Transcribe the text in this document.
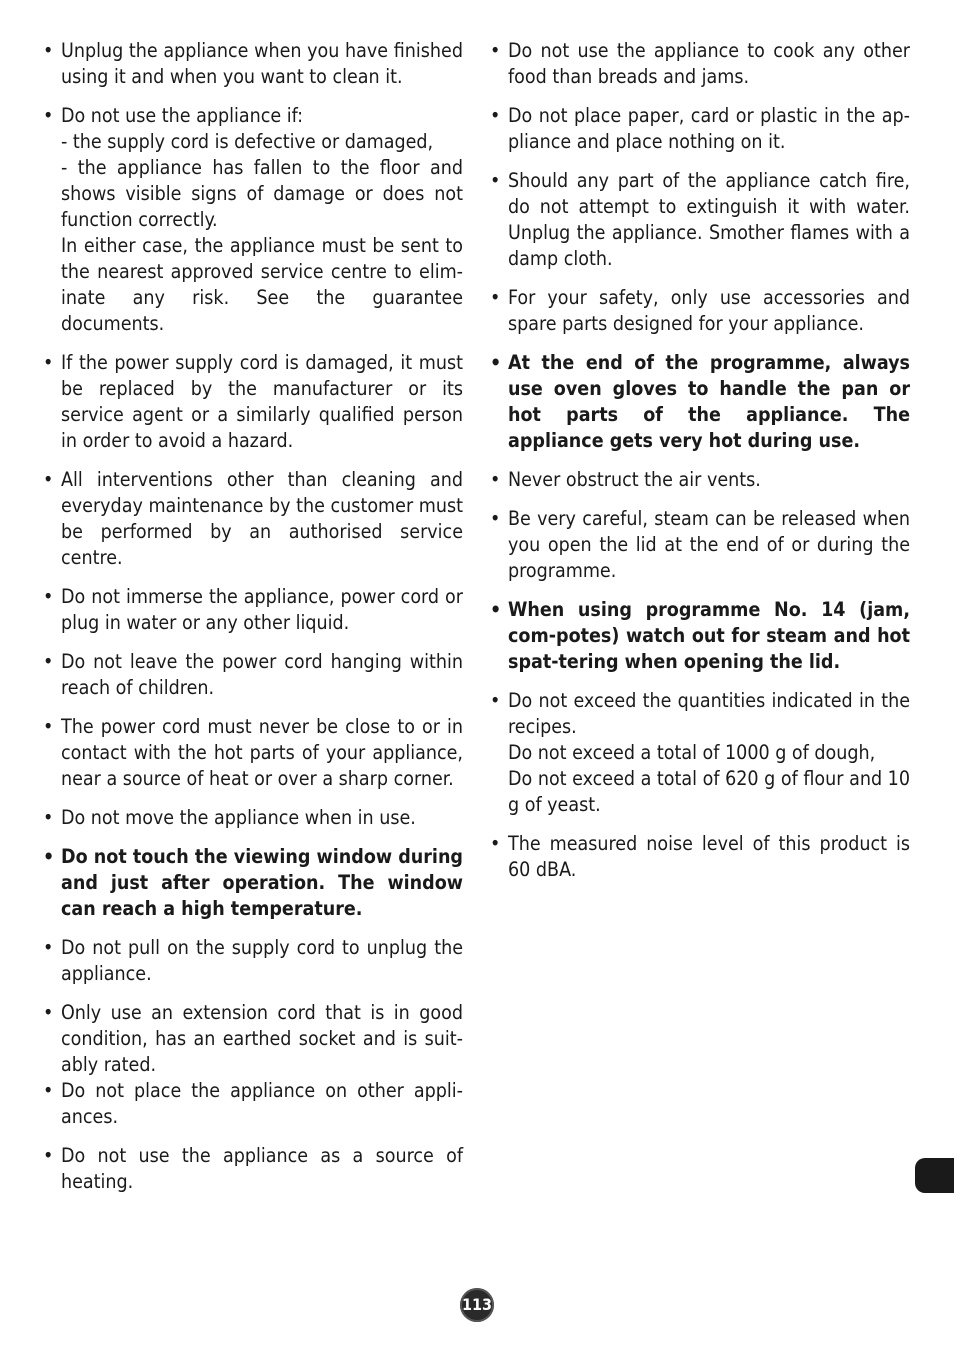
• Unplug the appliance when you have finished using it and when you want to clean it.
• Do not use the appliance if:
- the supply cord is defective or damaged,
- the appliance has fallen to the floor and shows visible signs of damage or does not function correctly.
In either case, the appliance must be sent to the nearest approved service centre to elim-inate any risk. See the guarantee documents.
• If the power supply cord is damaged, it must be replaced by the manufacturer or its service agent or a similarly qualified person in order to avoid a hazard.
• All interventions other than cleaning and everyday maintenance by the customer must be performed by an authorised service centre.
• Do not immerse the appliance, power cord or plug in water or any other liquid.
• Do not leave the power cord hanging within reach of children.
• The power cord must never be close to or in contact with the hot parts of your appliance, near a source of heat or over a sharp corner.
• Do not move the appliance when in use.
• Do not touch the viewing window during and just after operation. The window can reach a high temperature.
• Do not pull on the supply cord to unplug the appliance.
• Only use an extension cord that is in good condition, has an earthed socket and is suit-ably rated.
• Do not place the appliance on other appli-ances.
• Do not use the appliance as a source of heating.
• Do not use the appliance to cook any other food than breads and jams.
• Do not place paper, card or plastic in the ap-pliance and place nothing on it.
• Should any part of the appliance catch fire, do not attempt to extinguish it with water. Unplug the appliance. Smother flames with a damp cloth.
• For your safety, only use accessories and spare parts designed for your appliance.
• At the end of the programme, always use oven gloves to handle the pan or hot parts of the appliance. The appliance gets very hot during use.
• Never obstruct the air vents.
• Be very careful, steam can be released when you open the lid at the end of or during the programme.
• When using programme No. 14 (jam, com-potes) watch out for steam and hot spat-tering when opening the lid.
• Do not exceed the quantities indicated in the recipes.
Do not exceed a total of 1000 g of dough,
Do not exceed a total of 620 g of flour and 10 g of yeast.
• The measured noise level of this product is 60 dBA.
113
